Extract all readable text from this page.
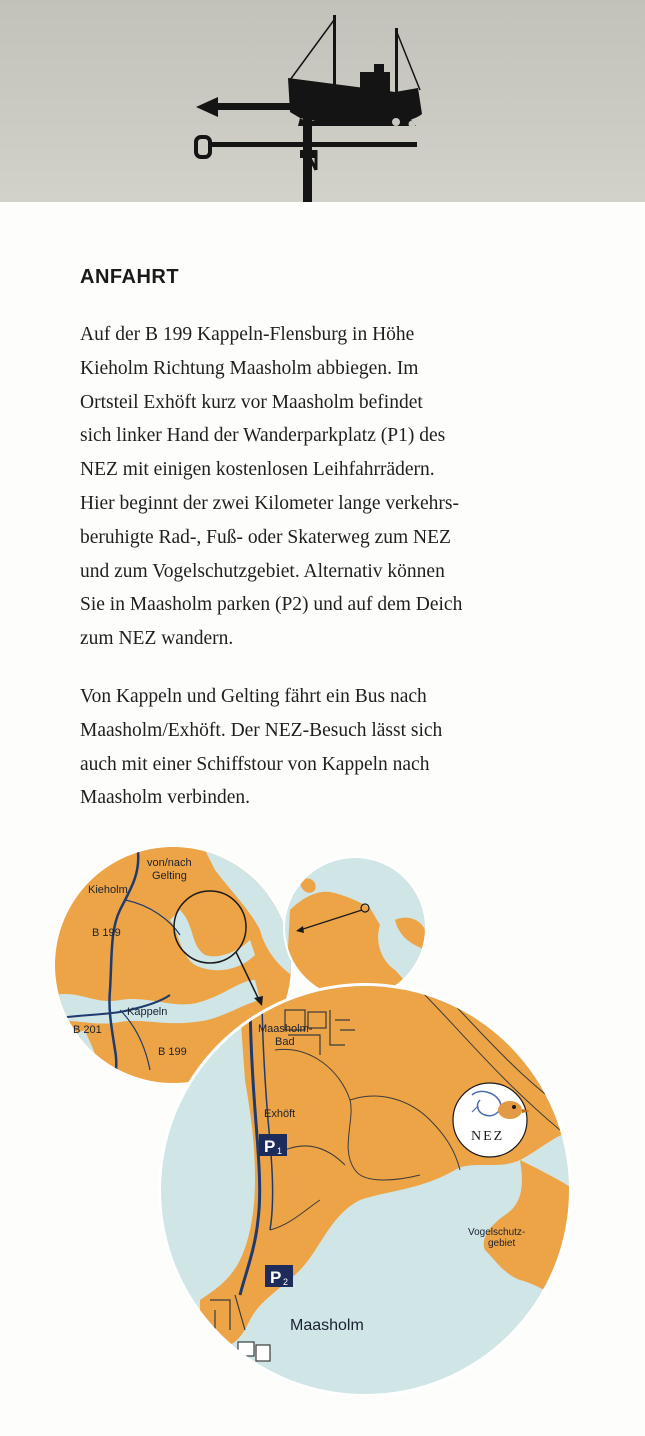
ANFAHRT

Auf der B 199 Kappeln-Flensburg in Höhe
Kieholm Richtung Maasholm abbiegen. Im
Ortsteil Exhöft kurz vor Maasholm befindet
sich linker Hand der Wanderparkplatz (P1) des
NEZ mit einigen kostenlosen Leihfahrrädern.
Hier beginnt der zwei Kilometer lange verkehrs-
beruhigte Rad-, Fuß- oder Skaterweg zum NEZ
und zum Vogelschutzgebiet. Alternativ können
Sie in Maasholm parken (P2) und auf dem Deich
zum NEZ wandern.

Von Kappeln und Gelting fährt ein Bus nach
Maasholm/Exhöft. Der NEZ-Besuch lässt sich
auch mit einer Schiffstour von Kappeln nach
Maasholm verbinden.

von/nach
Gelting
Kieholm
B 199
Kappeln
B 201
B 199
P 1
P 2
NEZ
Maasholm-
Bad
Exhöft
Vogelschutz-
gebiet
Maasholm
